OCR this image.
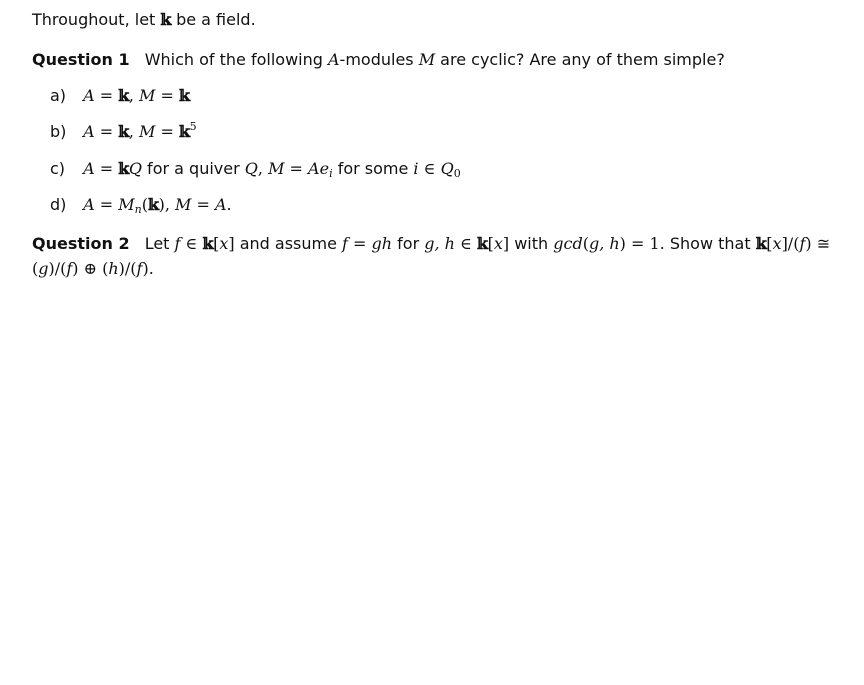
Throughout, let 𝕜 be a field.
Question 1 Which of the following A-modules M are cyclic? Are any of them simple?
a) A = 𝕜, M = 𝕜
b) A = 𝕜, M = 𝕜$^5$
c) A = 𝕜Q for a quiver Q, $M = Ae_i$ for some i ∈ $Q_0$
d) $A = M_n(𝕜)$, M = A.
Question 2 Let f ∈ 𝕜[x] and assume f = gh for g, h ∈ 𝕜[x] with gcd(g, h) = 1. Show that 𝕜[x]/(f) ≅
(g)/(f) ⊕ (h)/(f).
